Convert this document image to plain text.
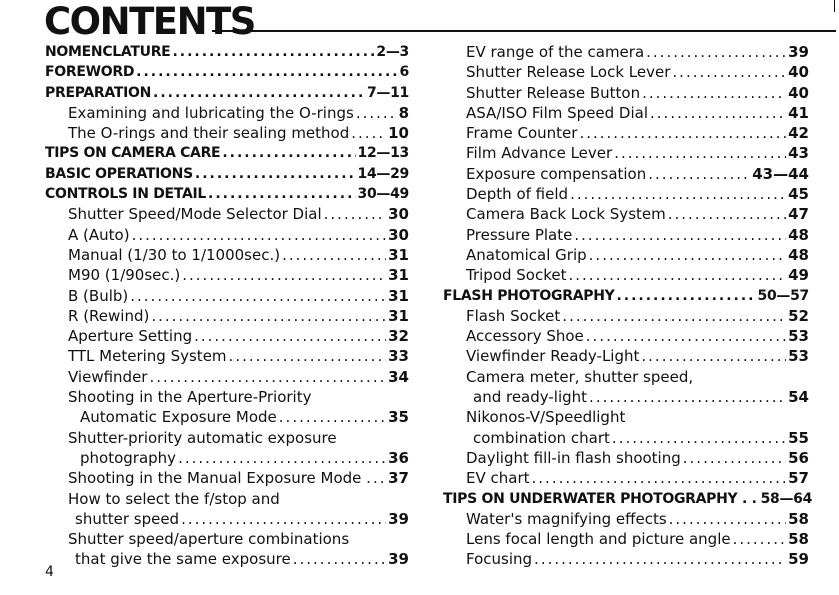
CONTENTS
NOMENCLATURE .....	2—3
FOREWORD .....	6
PREPARATION .....	7—11
Examining and lubricating the O-rings .....	8
The O-rings and their sealing method .....	10
TIPS ON CAMERA CARE .....	12—13
BASIC OPERATIONS .....	14—29
CONTROLS IN DETAIL .....	30—49
Shutter Speed/Mode Selector Dial .....	30
A (Auto) .....	30
Manual (1/30 to 1/1000sec.) .....	31
M90 (1/90sec.) .....	31
B (Bulb) .....	31
R (Rewind) .....	31
Aperture Setting .....	32
TTL Metering System .....	33
Viewfinder .....	34
Shooting in the Aperture-Priority
Automatic Exposure Mode .....	35
Shutter-priority automatic exposure
photography .....	36
Shooting in the Manual Exposure Mode . ..... 37
How to select the f/stop and
shutter speed .....	39
Shutter speed/aperture combinations
that give the same exposure .....	39
EV range of the camera .....	39
Shutter Release Lock Lever .....	40
Shutter Release Button .....	40
ASA/ISO Film Speed Dial .....	41
Frame Counter .....	42
Film Advance Lever .....	43
Exposure compensation .....	43—44
Depth of field .....	45
Camera Back Lock System .....	47
Pressure Plate .....	48
Anatomical Grip .....	48
Tripod Socket .....	49
FLASH PHOTOGRAPHY .....	50—57
Flash Socket .....	52
Accessory Shoe .....	53
Viewfinder Ready-Light .....	53
Camera meter, shutter speed,
and ready-light .....	54
Nikonos-V/Speedlight
combination chart .....	55
Daylight fill-in flash shooting .....	56
EV chart .....	57
TIPS ON UNDERWATER PHOTOGRAPHY . . 58—64
Water's magnifying effects .....	58
Lens focal length and picture angle .....	58
Focusing .....	59
4
